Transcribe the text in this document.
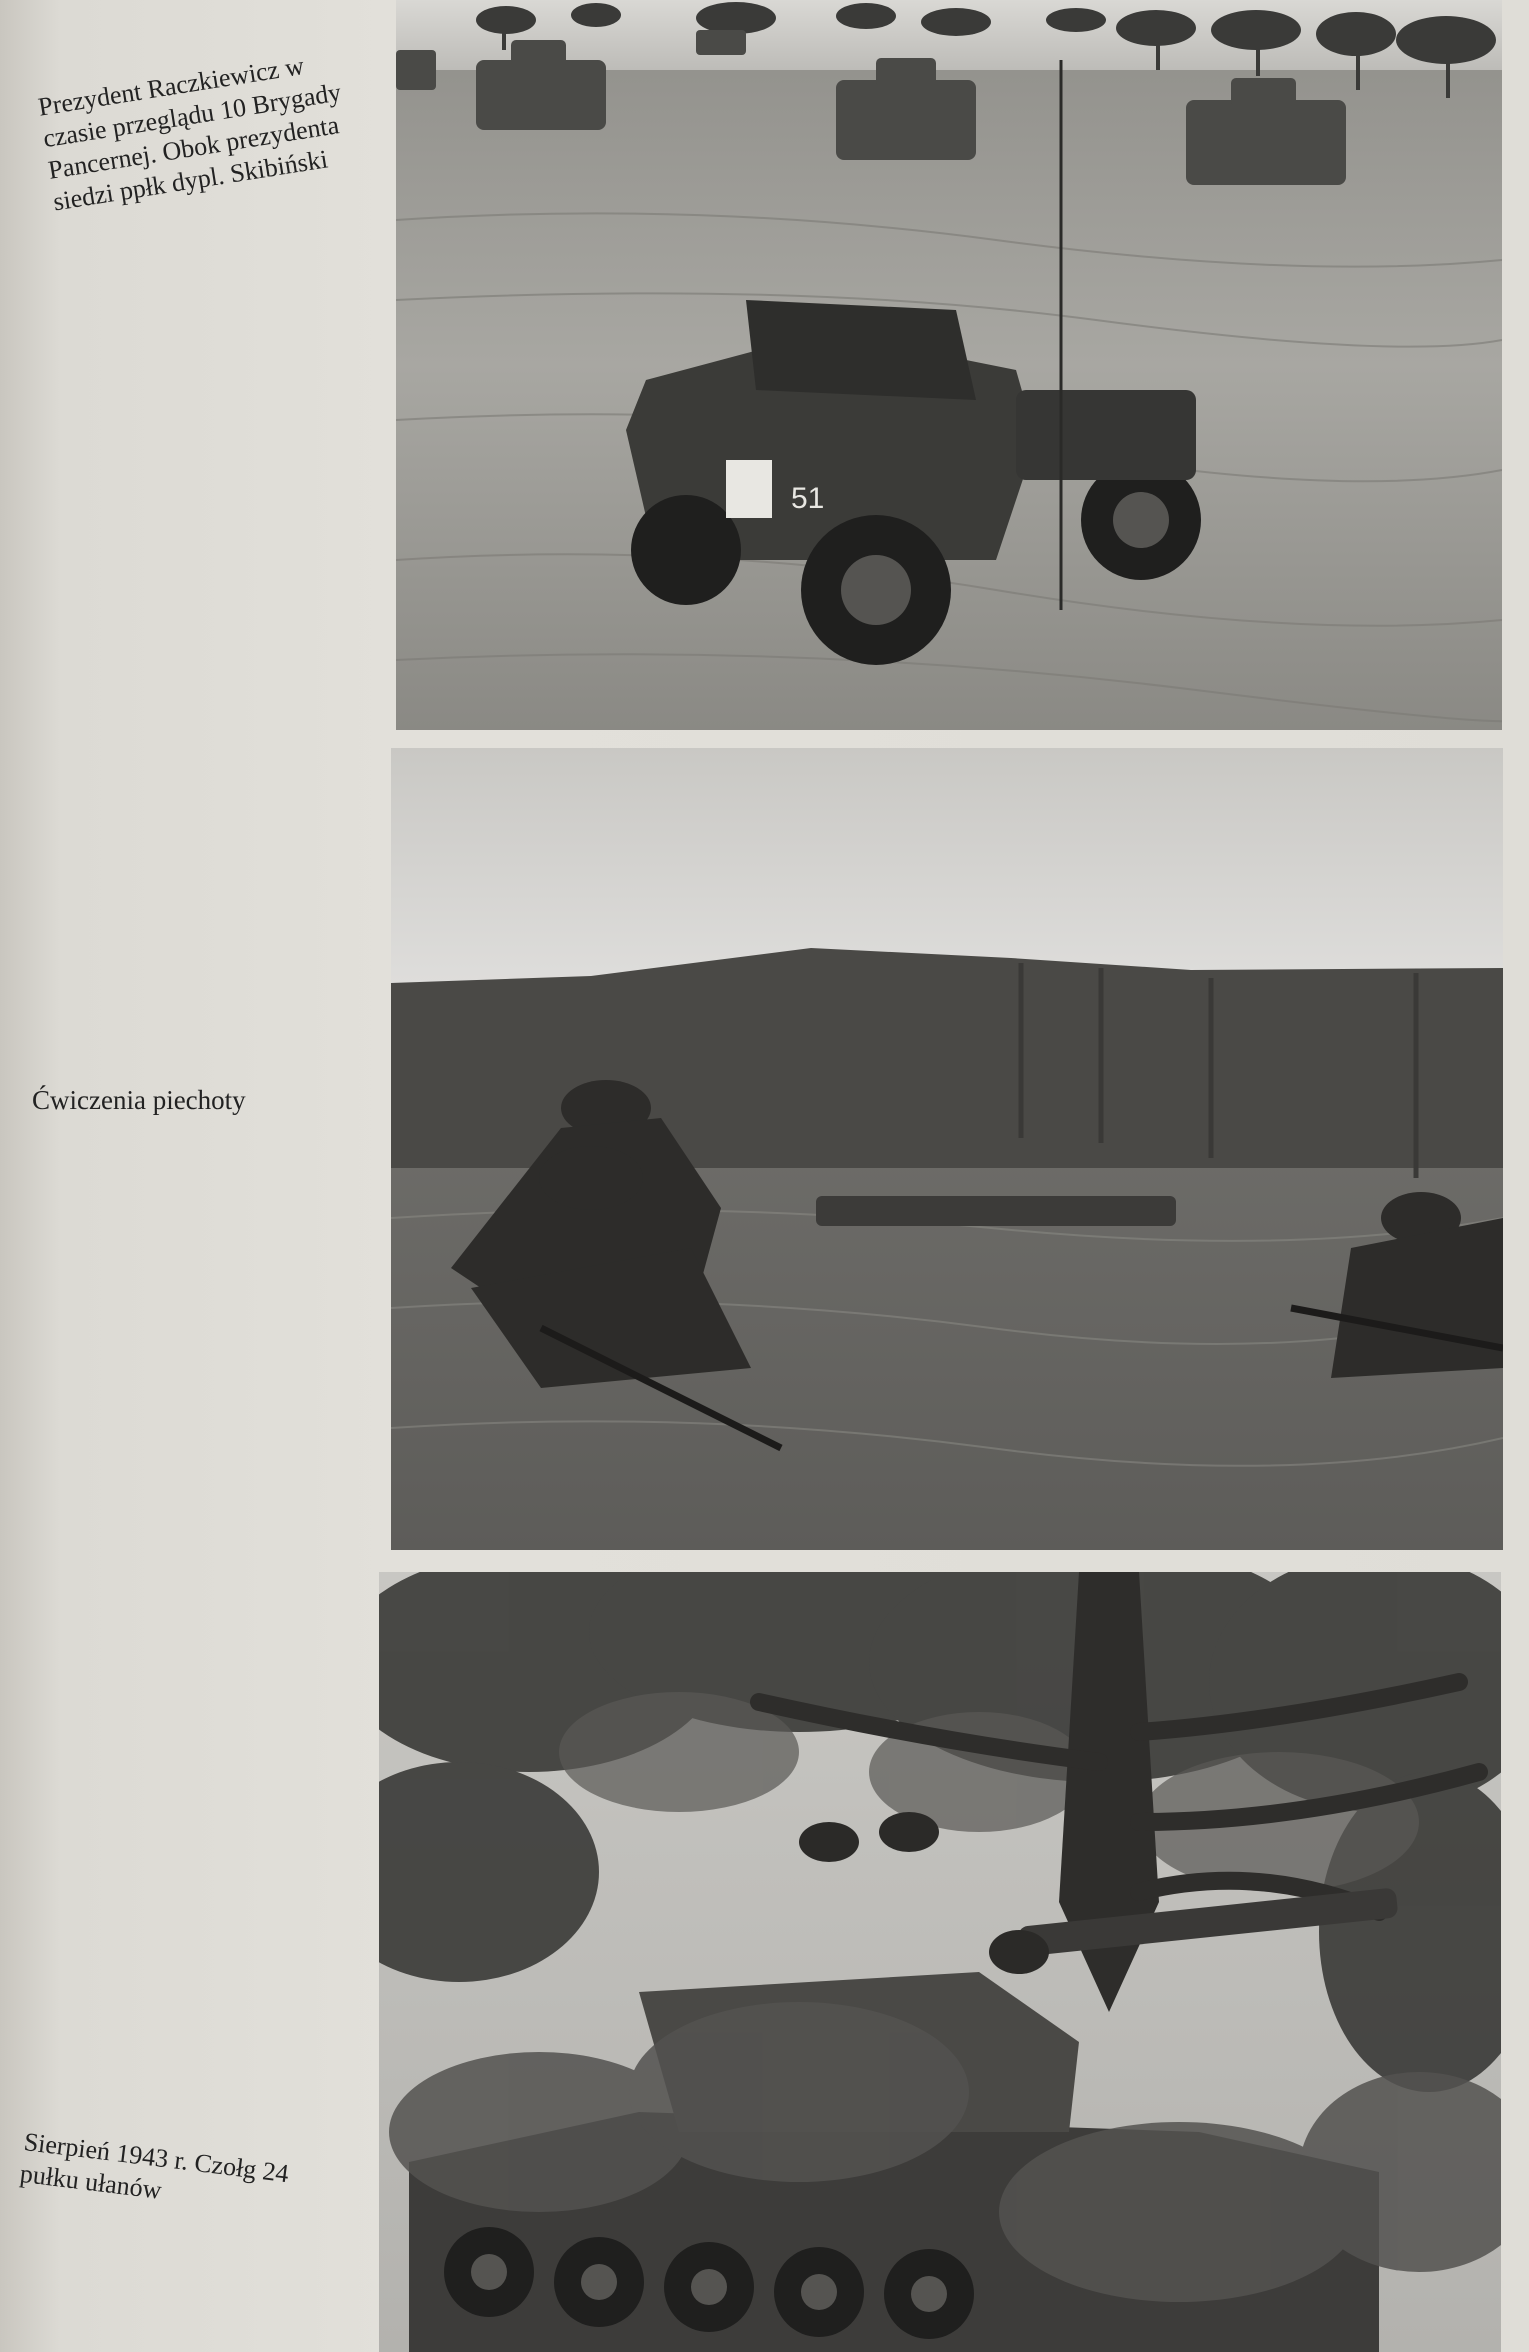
Prezydent Raczkiewicz w
czasie przeglądu 10 Brygady
Pancernej. Obok prezydenta
siedzi ppłk dypl. Skibiński
Ćwiczenia piechoty
Sierpień 1943 r. Czołg 24
pułku ułanów
51
